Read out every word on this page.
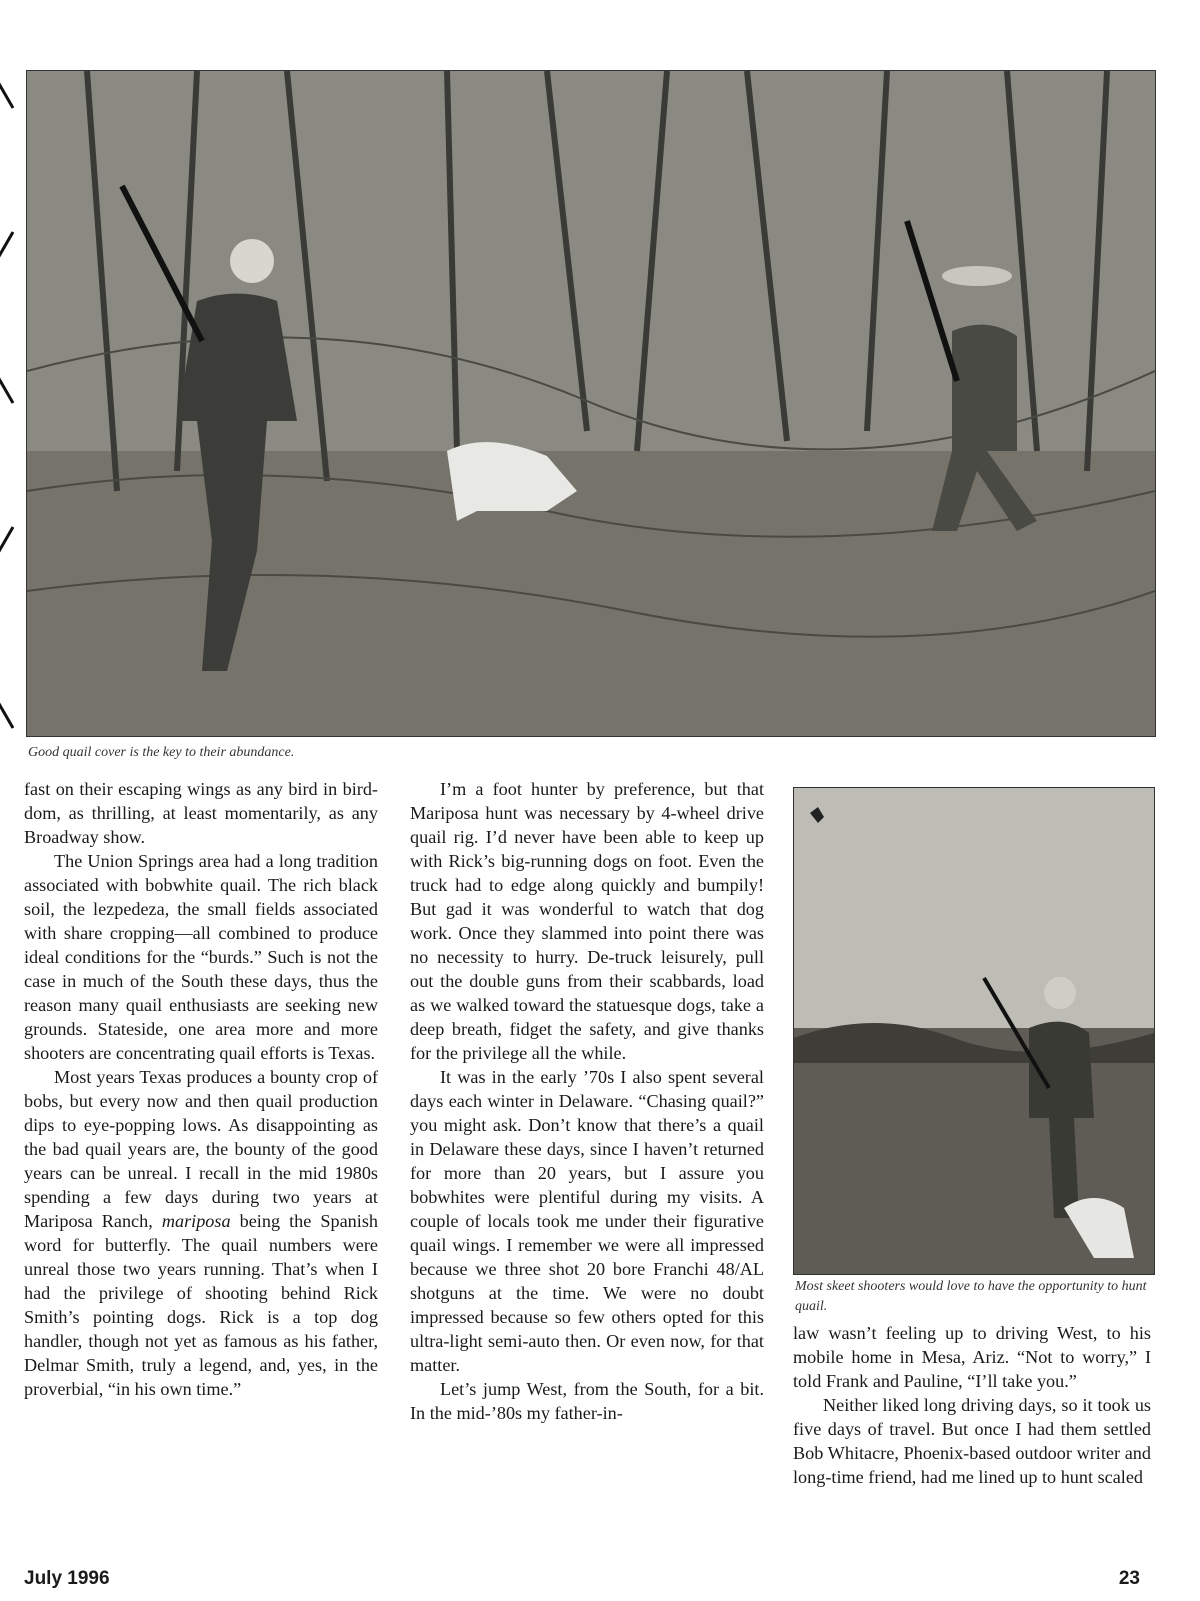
Good quail cover is the key to their abundance.

fast on their escaping wings as any bird in bird-dom, as thrilling, at least momentarily, as any Broadway show.

The Union Springs area had a long tradition associated with bobwhite quail. The rich black soil, the lezpedeza, the small fields associated with share cropping—all combined to produce ideal conditions for the “burds.” Such is not the case in much of the South these days, thus the reason many quail enthusiasts are seeking new grounds. Stateside, one area more and more shooters are concentrating quail efforts is Texas.

Most years Texas produces a bounty crop of bobs, but every now and then quail production dips to eye-popping lows. As disappointing as the bad quail years are, the bounty of the good years can be unreal. I recall in the mid 1980s spending a few days during two years at Mariposa Ranch, mariposa being the Spanish word for butterfly. The quail numbers were unreal those two years running. That’s when I had the privilege of shooting behind Rick Smith’s pointing dogs. Rick is a top dog handler, though not yet as famous as his father, Delmar Smith, truly a legend, and, yes, in the proverbial, “in his own time.”

I’m a foot hunter by preference, but that Mariposa hunt was necessary by 4-wheel drive quail rig. I’d never have been able to keep up with Rick’s big-running dogs on foot. Even the truck had to edge along quickly and bumpily! But gad it was wonderful to watch that dog work. Once they slammed into point there was no necessity to hurry. De-truck leisurely, pull out the double guns from their scabbards, load as we walked toward the statuesque dogs, take a deep breath, fidget the safety, and give thanks for the privilege all the while.

It was in the early ’70s I also spent several days each winter in Delaware. “Chasing quail?” you might ask. Don’t know that there’s a quail in Delaware these days, since I haven’t returned for more than 20 years, but I assure you bobwhites were plentiful during my visits. A couple of locals took me under their figurative quail wings. I remember we were all impressed because we three shot 20 bore Franchi 48/AL shotguns at the time. We were no doubt impressed because so few others opted for this ultra-light semi-auto then. Or even now, for that matter.

Let’s jump West, from the South, for a bit. In the mid-’80s my father-in-

Most skeet shooters would love to have the opportunity to hunt quail.

law wasn’t feeling up to driving West, to his mobile home in Mesa, Ariz. “Not to worry,” I told Frank and Pauline, “I’ll take you.”

Neither liked long driving days, so it took us five days of travel. But once I had them settled Bob Whitacre, Phoenix-based outdoor writer and long-time friend, had me lined up to hunt scaled

July 1996	23
